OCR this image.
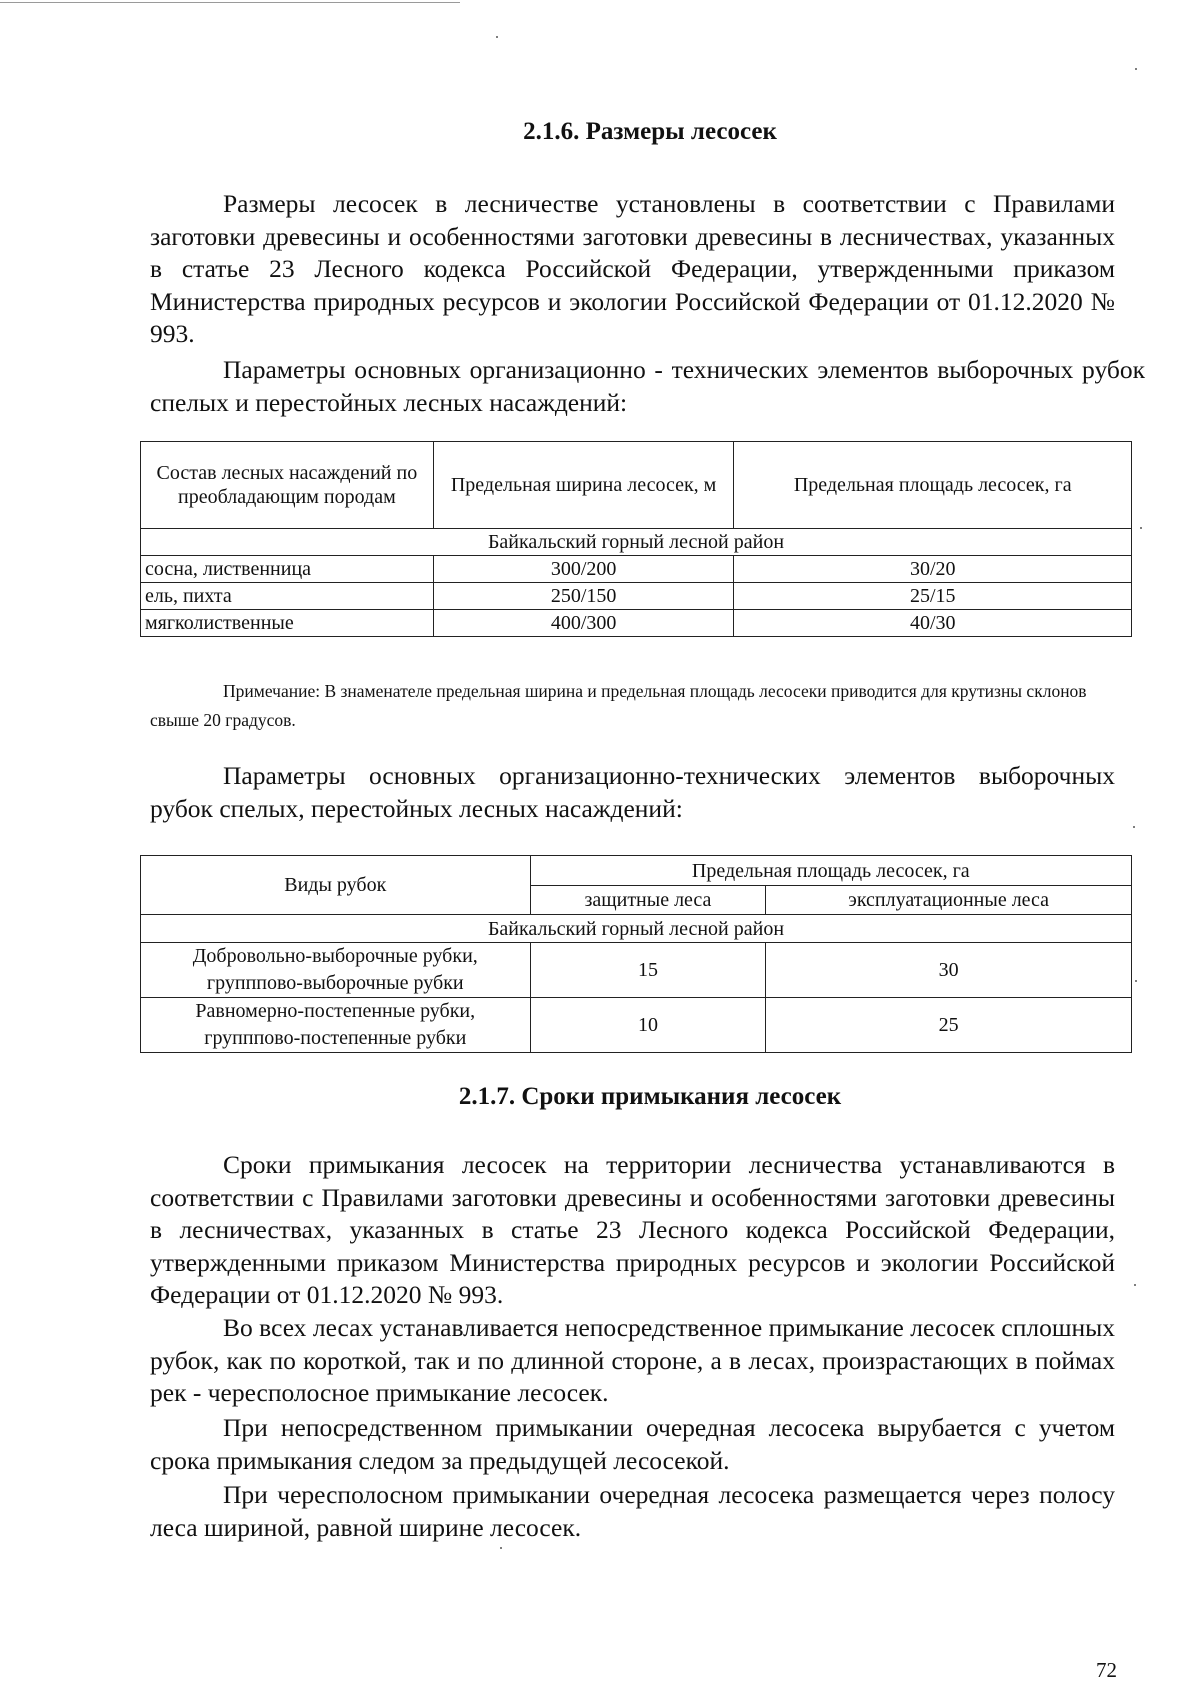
2.1.6. Размеры лесосек

Размеры лесосек в лесничестве установлены в соответствии с Правилами заготовки древесины и особенностями заготовки древесины в лесничествах, указанных в статье 23 Лесного кодекса Российской Федерации, утвержденными приказом Министерства природных ресурсов и экологии Российской Федерации от 01.12.2020 № 993.

Параметры основных организационно - технических элементов выборочных рубок спелых и перестойных лесных насаждений:

Состав лесных насаждений по преобладающим породам	Предельная ширина лесосек, м	Предельная площадь лесосек, га
Байкальский горный лесной район		
сосна, лиственница	300/200	30/20
ель, пихта	250/150	25/15
мягколиственные	400/300	40/30

Примечание: В знаменателе предельная ширина и предельная площадь лесосеки приводится для крутизны склонов свыше 20 градусов.

Параметры основных организационно-технических элементов выборочных рубок спелых, перестойных лесных насаждений:

Виды рубок	Предельная площадь лесосек, га	
	защитные леса	эксплуатационные леса
Байкальский горный лесной район		
Добровольно-выборочные рубки, групппово-выборочные рубки	15	30
Равномерно-постепенные рубки, групппово-постепенные рубки	10	25
2.1.7. Сроки примыкания лесосек

Сроки примыкания лесосек на территории лесничества устанавливаются в соответствии с Правилами заготовки древесины и особенностями заготовки древесины в лесничествах, указанных в статье 23 Лесного кодекса Российской Федерации, утвержденными приказом Министерства природных ресурсов и экологии Российской Федерации от 01.12.2020 № 993.

Во всех лесах устанавливается непосредственное примыкание лесосек сплошных рубок, как по короткой, так и по длинной стороне, а в лесах, произрастающих в поймах рек - чересполосное примыкание лесосек.

При непосредственном примыкании очередная лесосека вырубается с учетом срока примыкания следом за предыдущей лесосекой.

При чересполосном примыкании очередная лесосека размещается через полосу леса шириной, равной ширине лесосек.

72
